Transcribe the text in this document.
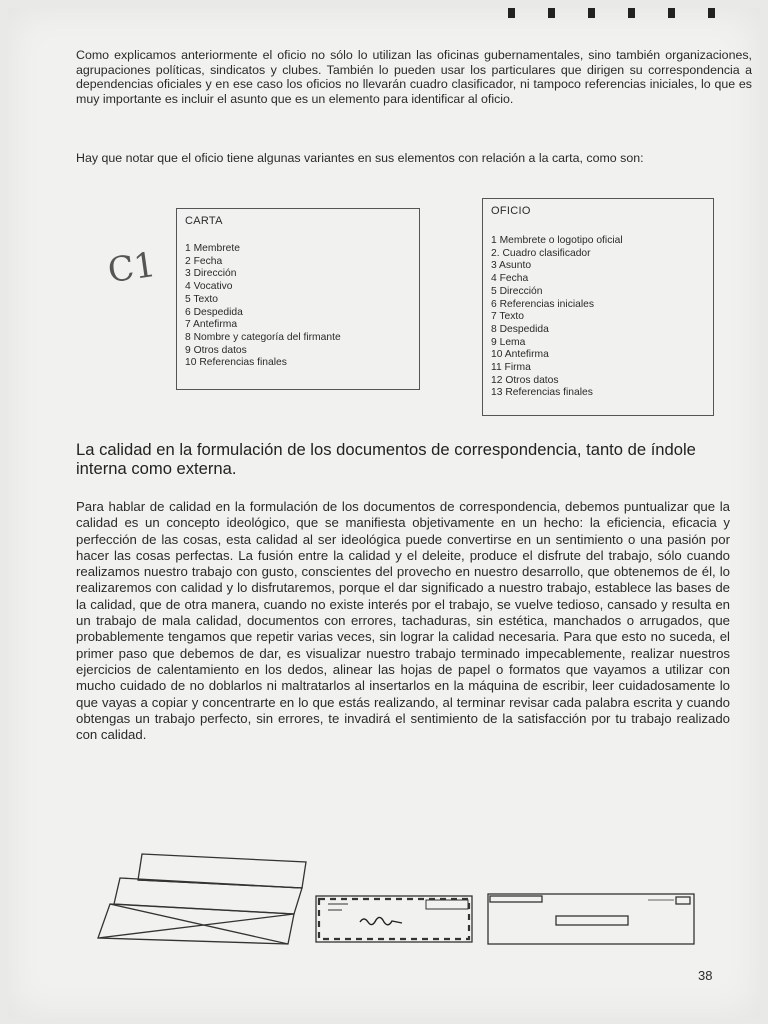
Como explicamos anteriormente el oficio no sólo lo utilizan las oficinas gubernamentales, sino también organizaciones, agrupaciones políticas, sindicatos y clubes. También lo pueden usar los particulares que dirigen su correspondencia a dependencias oficiales y en ese caso los oficios no llevarán cuadro clasificador, ni tampoco referencias iniciales, lo que es muy importante es incluir el asunto que es un elemento para identificar al oficio.

Hay que notar que el oficio tiene algunas variantes en sus elementos con relación a la carta, como son:

C1
CARTA
1 Membrete
2 Fecha
3 Dirección
4 Vocativo
5 Texto
6 Despedida
7 Antefirma
8 Nombre y categoría del firmante
9 Otros datos
10 Referencias finales
OFICIO
1 Membrete o logotipo oficial
2. Cuadro clasificador
3 Asunto
4 Fecha
5 Dirección
6 Referencias iniciales
7 Texto
8 Despedida
9 Lema
10 Antefirma
11 Firma
12 Otros datos
13 Referencias finales
La calidad en la formulación de los documentos de correspondencia, tanto de índole interna como externa.

Para hablar de calidad en la formulación de los documentos de correspondencia, debemos puntualizar que la calidad es un concepto ideológico, que se manifiesta objetivamente en un hecho: la eficiencia, eficacia y perfección de las cosas, esta calidad al ser ideológica puede convertirse en un sentimiento o una pasión por hacer las cosas perfectas. La fusión entre la calidad y el deleite, produce el disfrute del trabajo, sólo cuando realizamos nuestro trabajo con gusto, conscientes del provecho en nuestro desarrollo, que obtenemos de él, lo realizaremos con calidad y lo disfrutaremos, porque el dar significado a nuestro trabajo, establece las bases de la calidad, que de otra manera, cuando no existe interés por el trabajo, se vuelve tedioso, cansado y resulta en un trabajo de mala calidad, documentos con errores, tachaduras, sin estética, manchados o arrugados, que probablemente tengamos que repetir varias veces, sin lograr la calidad necesaria. Para que esto no suceda, el primer paso que debemos de dar, es visualizar nuestro trabajo terminado impecablemente, realizar nuestros ejercicios de calentamiento en los dedos, alinear las hojas de papel o formatos que vayamos a utilizar con mucho cuidado de no doblarlos ni maltratarlos al insertarlos en la máquina de escribir, leer cuidadosamente lo que vayas a copiar y concentrarte en lo que estás realizando, al terminar revisar cada palabra escrita y cuando obtengas un trabajo perfecto, sin errores, te invadirá el sentimiento de la satisfacción por tu trabajo realizado con calidad.

38
